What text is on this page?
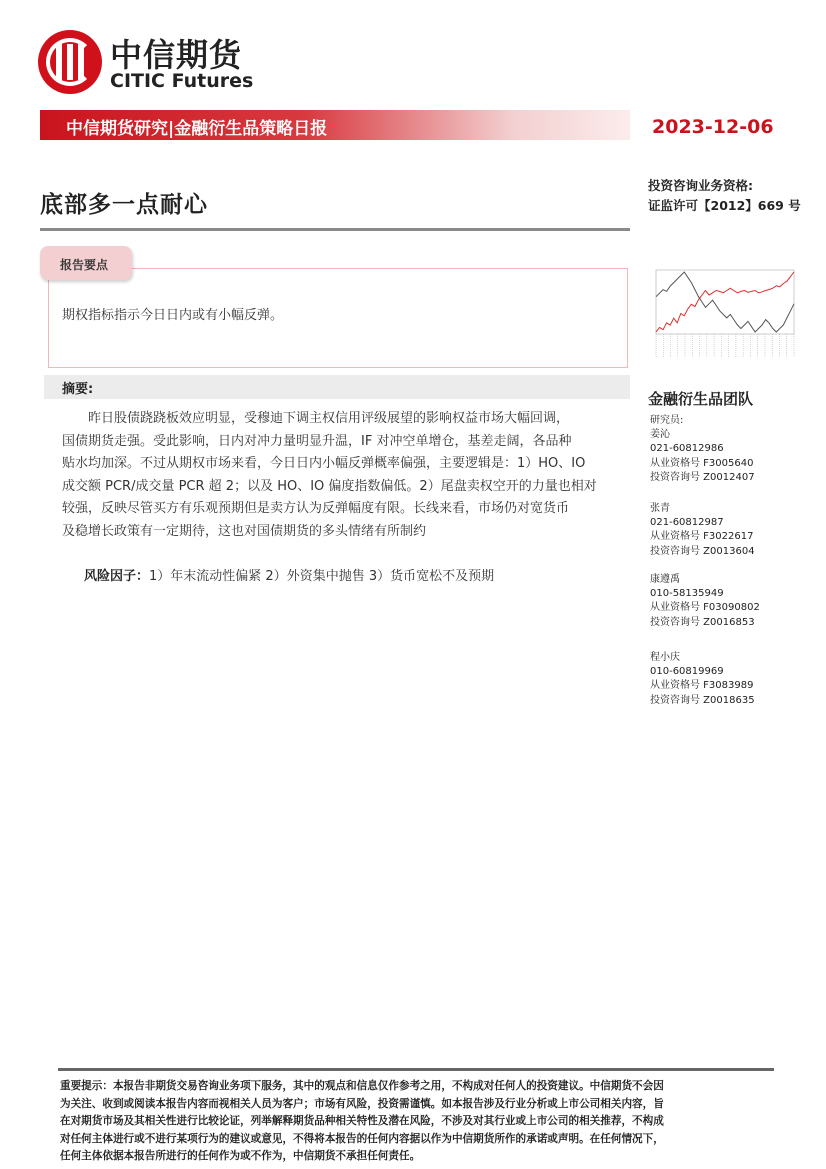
中信期货
CITIC Futures
中信期货研究|金融衍生品策略日报	2023-12-06
底部多一点耐心
投资咨询业务资格:
证监许可【2012】669 号
报告要点
期权指标指示今日日内或有小幅反弹。
摘要:
　　昨日股债跷跷板效应明显，受穆迪下调主权信用评级展望的影响权益市场大幅回调，
国债期货走强。受此影响，日内对冲力量明显升温，IF 对冲空单增仓，基差走阔，各品种
贴水均加深。不过从期权市场来看，今日日内小幅反弹概率偏强，主要逻辑是：1）HO、IO
成交额 PCR/成交量 PCR 超 2；以及 HO、IO 偏度指数偏低。2）尾盘卖权空开的力量也相对
较强，反映尽管买方有乐观预期但是卖方认为反弹幅度有限。长线来看，市场仍对宽货币
及稳增长政策有一定期待，这也对国债期货的多头情绪有所制约
风险因子：1）年末流动性偏紧 2）外资集中抛售 3）货币宽松不及预期
金融衍生品团队
研究员:
姜沁
021-60812986
从业资格号 F3005640
投资咨询号 Z0012407
张青
021-60812987
从业资格号 F3022617
投资咨询号 Z0013604
康遵禹
010-58135949
从业资格号 F03090802
投资咨询号 Z0016853
程小庆
010-60819969
从业资格号 F3083989
投资咨询号 Z0018635
重要提示：本报告非期货交易咨询业务项下服务，其中的观点和信息仅作参考之用，不构成对任何人的投资建议。中信期货不会因
为关注、收到或阅读本报告内容而视相关人员为客户；市场有风险，投资需谨慎。如本报告涉及行业分析或上市公司相关内容，旨
在对期货市场及其相关性进行比较论证，列举解释期货品种相关特性及潜在风险，不涉及对其行业或上市公司的相关推荐，不构成
对任何主体进行或不进行某项行为的建议或意见，不得将本报告的任何内容据以作为中信期货所作的承诺或声明。在任何情况下，
任何主体依据本报告所进行的任何作为或不作为，中信期货不承担任何责任。
